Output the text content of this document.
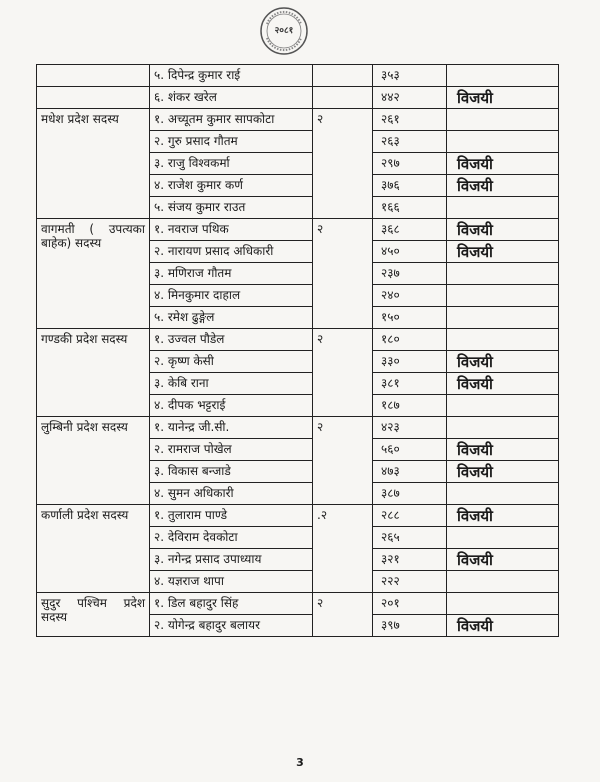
२०८१
	५. दिपेन्द्र कुमार राई		३५३	
	६. शंकर खरेल		४४२	विजयी
मधेश प्रदेश सदस्य	१. अच्यूतम कुमार सापकोटा	२	२६१	
	२. गुरु प्रसाद गौतम		२६३	
	३. राजु विश्वकर्मा		२९७	विजयी
	४. राजेश कुमार कर्ण		३७६	विजयी
	५. संजय कुमार राउत		१६६	
वागमती ( उपत्यका बाहेक) सदस्य	१. नवराज पथिक	२	३६८	विजयी
	२. नारायण प्रसाद अधिकारी		४५०	विजयी
	३. मणिराज गौतम		२३७	
	४. मिनकुमार दाहाल		२४०	
	५. रमेश ढुङ्गेल		१५०	
गण्डकी प्रदेश सदस्य	१. उज्वल पौडेल	२	१८०	
	२. कृष्ण केसी		३३०	विजयी
	३. केबि राना		३८१	विजयी
	४. दीपक भट्टराई		१८७	
लुम्बिनी प्रदेश सदस्य	१. यानेन्द्र जी.सी.	२	४२३	
	२. रामराज पोखेल		५६०	विजयी
	३. विकास बन्जाडे		४७३	विजयी
	४. सुमन अधिकारी		३८७	
कर्णाली प्रदेश सदस्य	१. तुलाराम पाण्डे	.२	२८८	विजयी
	२. देविराम देवकोटा		२६५	
	३. नगेन्द्र प्रसाद उपाध्याय		३२१	विजयी
	४. यज्ञराज थापा		२२२	
सुदुर पश्चिम प्रदेश सदस्य	१. डिल बहादुर सिंह	२	२०१	
	२. योगेन्द्र बहादुर बलायर		३९७	विजयी
3
